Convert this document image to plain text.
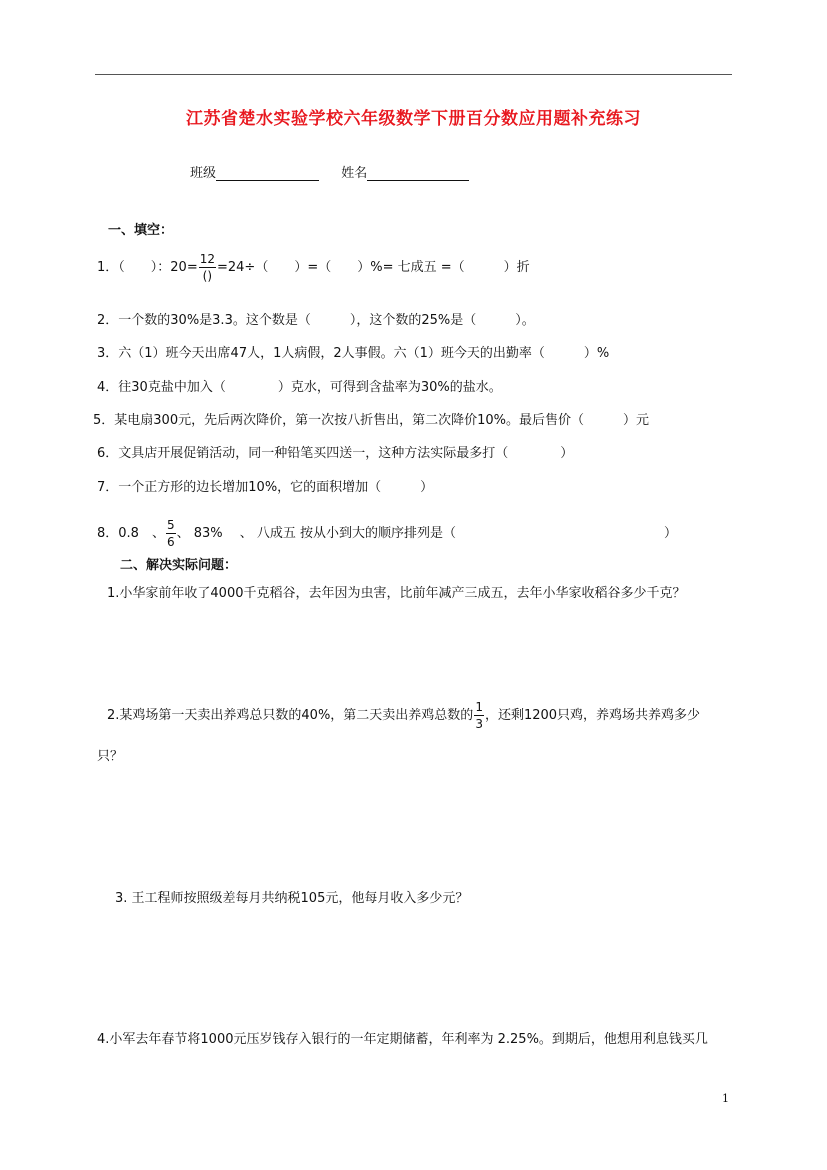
江苏省楚水实验学校六年级数学下册百分数应用题补充练习
班级	姓名
一、填空：
1．（　　）：$20= \frac{12}{()} =24\div$（　　）=（　　）%= 七成五 =（　　　）折
2．一个数的30%是3.3。这个数是（　　　），这个数的25%是（　　　）。
3．六（1）班今天出席47人，1人病假，2人事假。六（1）班今天的出勤率（　　　）%
4．往30克盐中加入（　　　　）克水，可得到含盐率为30%的盐水。
5．某电扇300元，先后两次降价，第一次按八折售出，第二次降价10%。最后售价（　　　）元
6．文具店开展促销活动，同一种铅笔买四送一，这种方法实际最多打（　　　　）
7．一个正方形的边长增加10%，它的面积增加（　　　）
8．0.8　、 $\frac{5}{6}$ 、 83%　 、 八成五 按从小到大的顺序排列是（　　　　　　　　　　　　　　　　）
二、解决实际问题：
1.小华家前年收了4000千克稻谷，去年因为虫害，比前年减产三成五，去年小华家收稻谷多少千克？
2.某鸡场第一天卖出养鸡总只数的40%，第二天卖出养鸡总数的 $\frac{1}{3}$ ，还剩1200只鸡，养鸡场共养鸡多少
只？
3. 王工程师按照级差每月共纳税105元，他每月收入多少元？
4.小军去年春节将1000元压岁钱存入银行的一年定期储蓄，年利率为 2.25%。到期后，他想用利息钱买几
1
